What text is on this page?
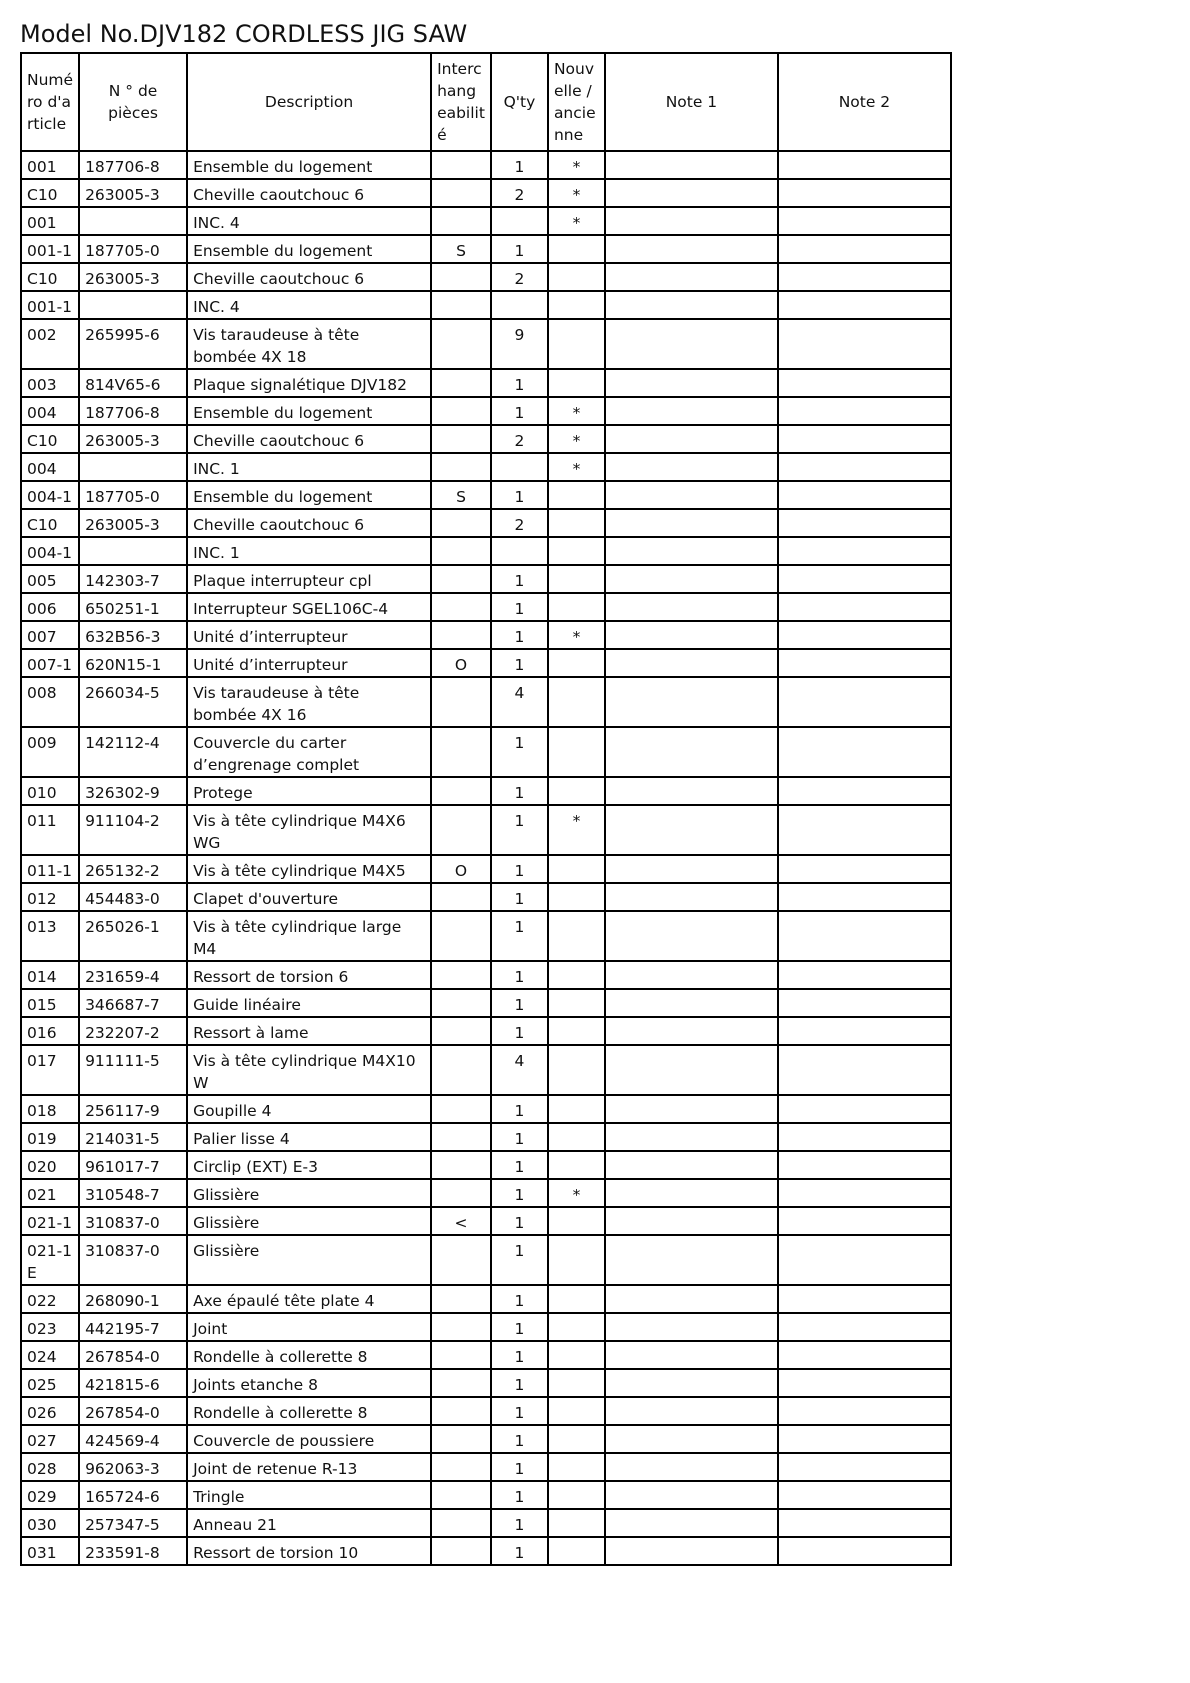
Model No.DJV182 CORDLESS JIG SAW
Numé ro d'a rticle	N ° de pièces	Description	Interc hang eabilit é	Q'ty	Nouv elle / ancie nne	Note 1	Note 2
001	187706-8	Ensemble du logement		1	*		
C10	263005-3	Cheville caoutchouc 6		2	*		
001		INC. 4			*		
001-1	187705-0	Ensemble du logement	S	1			
C10	263005-3	Cheville caoutchouc 6		2			
001-1		INC. 4					
002	265995-6	Vis taraudeuse à tête bombée 4X 18		9			
003	814V65-6	Plaque signalétique DJV182		1			
004	187706-8	Ensemble du logement		1	*		
C10	263005-3	Cheville caoutchouc 6		2	*		
004		INC. 1			*		
004-1	187705-0	Ensemble du logement	S	1			
C10	263005-3	Cheville caoutchouc 6		2			
004-1		INC. 1					
005	142303-7	Plaque interrupteur cpl		1			
006	650251-1	Interrupteur SGEL106C-4		1			
007	632B56-3	Unité d’interrupteur		1	*		
007-1	620N15-1	Unité d’interrupteur	O	1			
008	266034-5	Vis taraudeuse à tête bombée 4X 16		4			
009	142112-4	Couvercle du carter d’engrenage complet		1			
010	326302-9	Protege		1			
011	911104-2	Vis à tête cylindrique M4X6 WG		1	*		
011-1	265132-2	Vis à tête cylindrique M4X5	O	1			
012	454483-0	Clapet d'ouverture		1			
013	265026-1	Vis à tête cylindrique large M4		1			
014	231659-4	Ressort de torsion 6		1			
015	346687-7	Guide linéaire		1			
016	232207-2	Ressort à lame		1			
017	911111-5	Vis à tête cylindrique M4X10 W		4			
018	256117-9	Goupille 4		1			
019	214031-5	Palier lisse 4		1			
020	961017-7	Circlip (EXT) E-3		1			
021	310548-7	Glissière		1	*		
021-1	310837-0	Glissière	<	1			
021-1 E	310837-0	Glissière		1			
022	268090-1	Axe épaulé tête plate 4		1			
023	442195-7	Joint		1			
024	267854-0	Rondelle à collerette 8		1			
025	421815-6	Joints etanche 8		1			
026	267854-0	Rondelle à collerette 8		1			
027	424569-4	Couvercle de poussiere		1			
028	962063-3	Joint de retenue R-13		1			
029	165724-6	Tringle		1			
030	257347-5	Anneau 21		1			
031	233591-8	Ressort de torsion 10		1			
